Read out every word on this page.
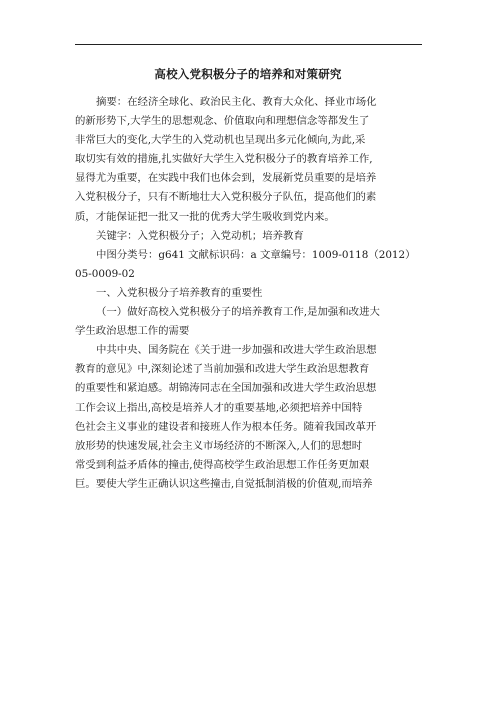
高校入党积极分子的培养和对策研究
摘要：在经济全球化、政治民主化、教育大众化、择业市场化
的新形势下,大学生的思想观念、价值取向和理想信念等都发生了
非常巨大的变化,大学生的入党动机也呈现出多元化倾向,为此,采
取切实有效的措施,扎实做好大学生入党积极分子的教育培养工作,
显得尤为重要，在实践中我们也体会到，发展新党员重要的是培养
入党积极分子，只有不断地壮大入党积极分子队伍，提高他们的素
质，才能保证把一批又一批的优秀大学生吸收到党内来。
关键字：入党积极分子；入党动机；培养教育
中图分类号：g641 文献标识码：a 文章编号：1009-0118（2012）
05-0009-02
一、入党积极分子培养教育的重要性
（一）做好高校入党积极分子的培养教育工作,是加强和改进大
学生政治思想工作的需要
中共中央、国务院在《关于进一步加强和改进大学生政治思想
教育的意见》中,深刻论述了当前加强和改进大学生政治思想教育
的重要性和紧迫感。胡锦涛同志在全国加强和改进大学生政治思想
工作会议上指出,高校是培养人才的重要基地,必须把培养中国特
色社会主义事业的建设者和接班人作为根本任务。随着我国改革开
放形势的快速发展,社会主义市场经济的不断深入,人们的思想时
常受到利益矛盾体的撞击,使得高校学生政治思想工作任务更加艰
巨。要使大学生正确认识这些撞击,自觉抵制消极的价值观,而培养
